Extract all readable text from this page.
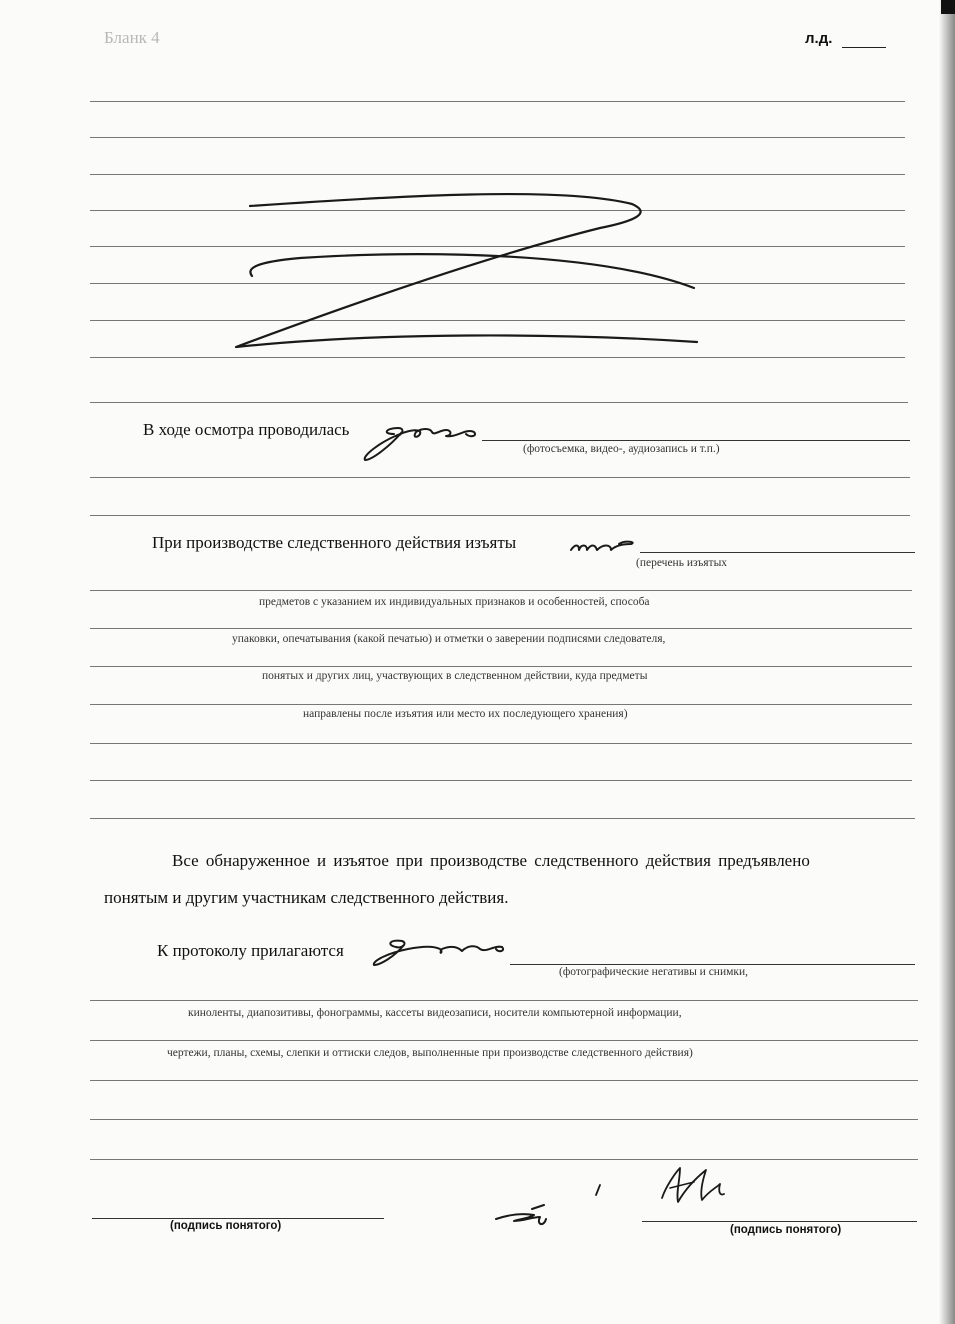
Бланк 4	л.д.
В ходе осмотра проводилась
(фотосъемка, видео-, аудиозапись и т.п.)
При производстве следственного действия изъяты
(перечень изъятых
предметов с указанием их индивидуальных признаков и особенностей, способа
упаковки, опечатывания (какой печатью) и отметки о заверении подписями следователя,
понятых и других лиц, участвующих в следственном действии, куда предметы
направлены после изъятия или место их последующего хранения)
Все обнаруженное и изъятое при производстве следственного действия предъявлено
понятым и другим участникам следственного действия.
К протоколу прилагаются
(фотографические негативы и снимки,
киноленты, диапозитивы, фонограммы, кассеты видеозаписи, носители компьютерной информации,
чертежи, планы, схемы, слепки и оттиски следов, выполненные при производстве следственного действия)
(подпись понятого)	(подпись понятого)
